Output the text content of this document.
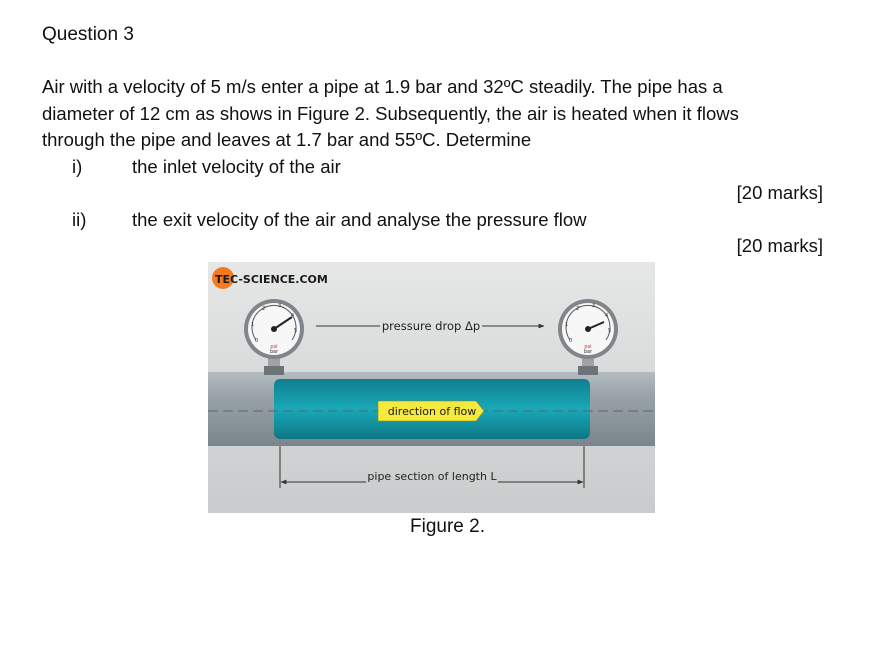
Question 3
Air with a velocity of 5 m/s enter a pipe at 1.9 bar and 32ºC steadily. The pipe has a
diameter of 12 cm as shows in Figure 2. Subsequently, the air is heated when it flows
through the pipe and leaves at 1.7 bar and 55ºC. Determine
i)	the inlet velocity of the air
[20 marks]
ii) the exit velocity of the air and analyse the pressure flow
[20 marks]
TEC-SCIENCE.COM
psi
bar
0
1
2	3
4
5
psi
bar
0
1
2	3
4
5
pressure drop Δp
direction of flow
pipe section of length L
Figure 2.
